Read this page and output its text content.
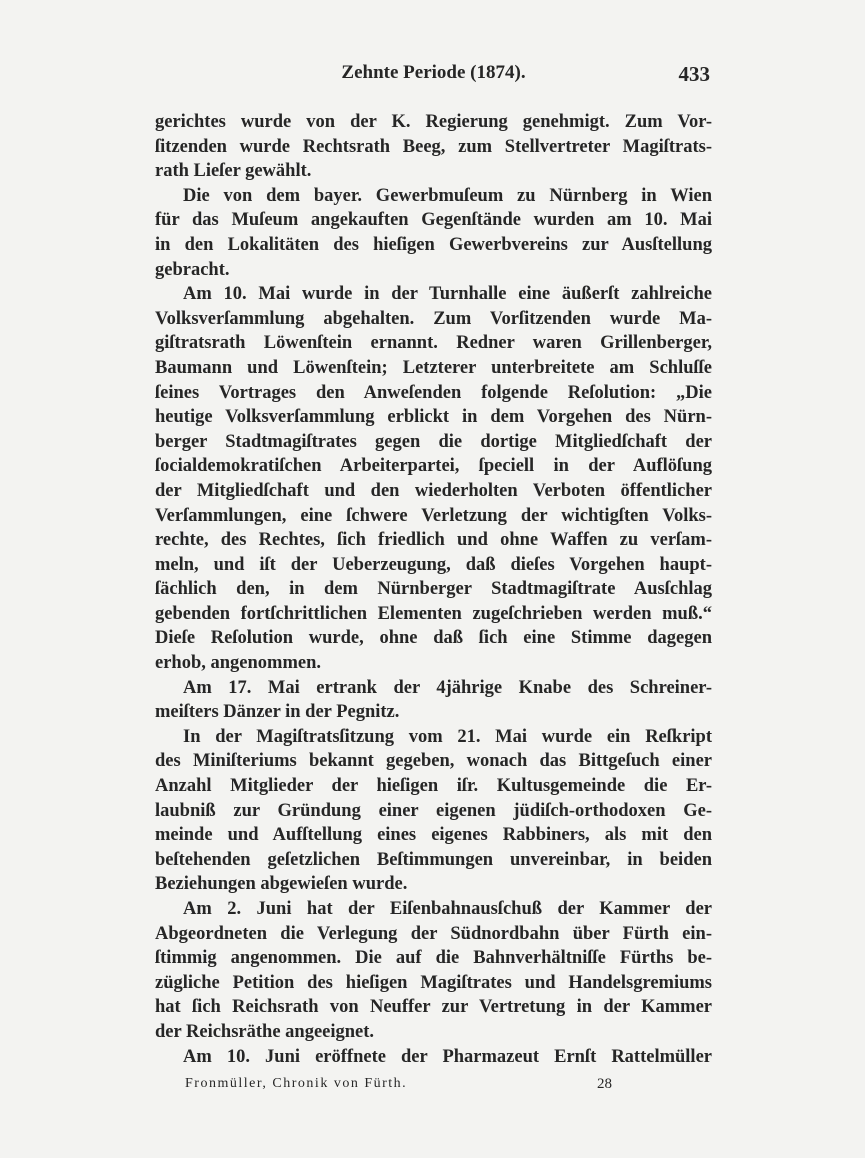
Zehnte Periode (1874).	433
gerichtes wurde von der K. Regierung genehmigt. Zum Vor-
ſitzenden wurde Rechtsrath Beeg, zum Stellvertreter Magiſtrats-
rath Lieſer gewählt.
Die von dem bayer. Gewerbmuſeum zu Nürnberg in Wien
für das Muſeum angekauften Gegenſtände wurden am 10. Mai
in den Lokalitäten des hieſigen Gewerbvereins zur Ausſtellung
gebracht.
Am 10. Mai wurde in der Turnhalle eine äußerſt zahlreiche
Volksverſammlung abgehalten. Zum Vorſitzenden wurde Ma-
giſtratsrath Löwenſtein ernannt. Redner waren Grillenberger,
Baumann und Löwenſtein; Letzterer unterbreitete am Schluſſe
ſeines Vortrages den Anweſenden folgende Reſolution: „Die
heutige Volksverſammlung erblickt in dem Vorgehen des Nürn-
berger Stadtmagiſtrates gegen die dortige Mitgliedſchaft der
ſocialdemokratiſchen Arbeiterpartei, ſpeciell in der Auflöſung
der Mitgliedſchaft und den wiederholten Verboten öffentlicher
Verſammlungen, eine ſchwere Verletzung der wichtigſten Volks-
rechte, des Rechtes, ſich friedlich und ohne Waffen zu verſam-
meln, und iſt der Ueberzeugung, daß dieſes Vorgehen haupt-
ſächlich den, in dem Nürnberger Stadtmagiſtrate Ausſchlag
gebenden fortſchrittlichen Elementen zugeſchrieben werden muß.“
Dieſe Reſolution wurde, ohne daß ſich eine Stimme dagegen
erhob, angenommen.
Am 17. Mai ertrank der 4jährige Knabe des Schreiner-
meiſters Dänzer in der Pegnitz.
In der Magiſtratsſitzung vom 21. Mai wurde ein Reſkript
des Miniſteriums bekannt gegeben, wonach das Bittgeſuch einer
Anzahl Mitglieder der hieſigen iſr. Kultusgemeinde die Er-
laubniß zur Gründung einer eigenen jüdiſch-orthodoxen Ge-
meinde und Aufſtellung eines eigenes Rabbiners, als mit den
beſtehenden geſetzlichen Beſtimmungen unvereinbar, in beiden
Beziehungen abgewieſen wurde.
Am 2. Juni hat der Eiſenbahnausſchuß der Kammer der
Abgeordneten die Verlegung der Südnordbahn über Fürth ein-
ſtimmig angenommen. Die auf die Bahnverhältniſſe Fürths be-
zügliche Petition des hieſigen Magiſtrates und Handelsgremiums
hat ſich Reichsrath von Neuffer zur Vertretung in der Kammer
der Reichsräthe angeeignet.
Am 10. Juni eröffnete der Pharmazeut Ernſt Rattelmüller
Fronmüller, Chronik von Fürth.	28
